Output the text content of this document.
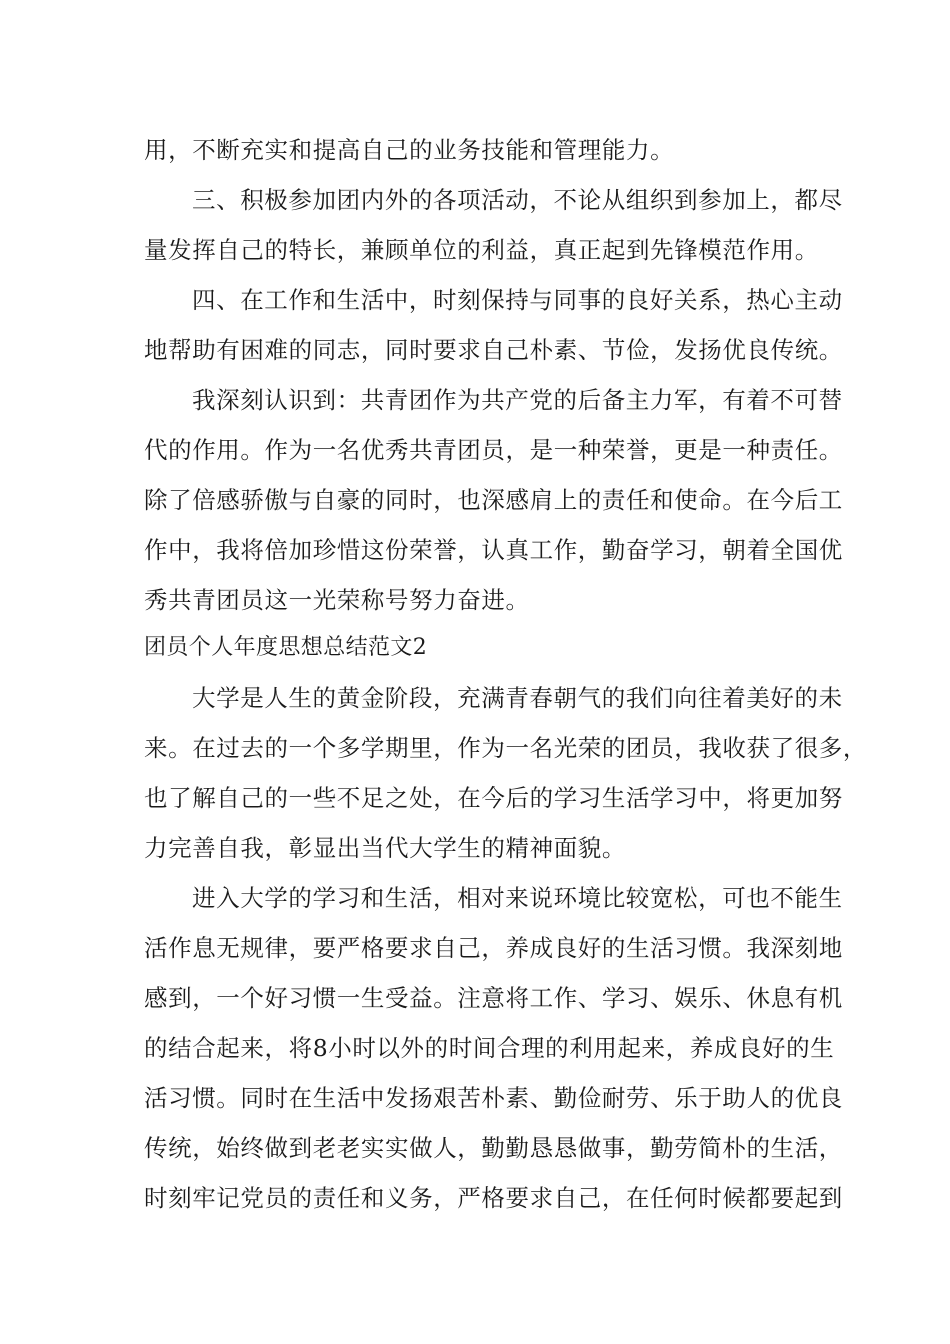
用，不断充实和提高自己的业务技能和管理能力。
三、积极参加团内外的各项活动，不论从组织到参加上，都尽
量发挥自己的特长，兼顾单位的利益，真正起到先锋模范作用。
四、在工作和生活中，时刻保持与同事的良好关系，热心主动
地帮助有困难的同志，同时要求自己朴素、节俭，发扬优良传统。
我深刻认识到：共青团作为共产党的后备主力军，有着不可替
代的作用。作为一名优秀共青团员，是一种荣誉，更是一种责任。
除了倍感骄傲与自豪的同时，也深感肩上的责任和使命。在今后工
作中，我将倍加珍惜这份荣誉，认真工作，勤奋学习，朝着全国优
秀共青团员这一光荣称号努力奋进。
团员个人年度思想总结范文2
大学是人生的黄金阶段，充满青春朝气的我们向往着美好的未
来。在过去的一个多学期里，作为一名光荣的团员，我收获了很多，
也了解自己的一些不足之处，在今后的学习生活学习中，将更加努
力完善自我，彰显出当代大学生的精神面貌。
进入大学的学习和生活，相对来说环境比较宽松，可也不能生
活作息无规律，要严格要求自己，养成良好的生活习惯。我深刻地
感到，一个好习惯一生受益。注意将工作、学习、娱乐、休息有机
的结合起来，将8小时以外的时间合理的利用起来，养成良好的生
活习惯。同时在生活中发扬艰苦朴素、勤俭耐劳、乐于助人的优良
传统，始终做到老老实实做人，勤勤恳恳做事，勤劳简朴的生活，
时刻牢记党员的责任和义务，严格要求自己，在任何时候都要起到
